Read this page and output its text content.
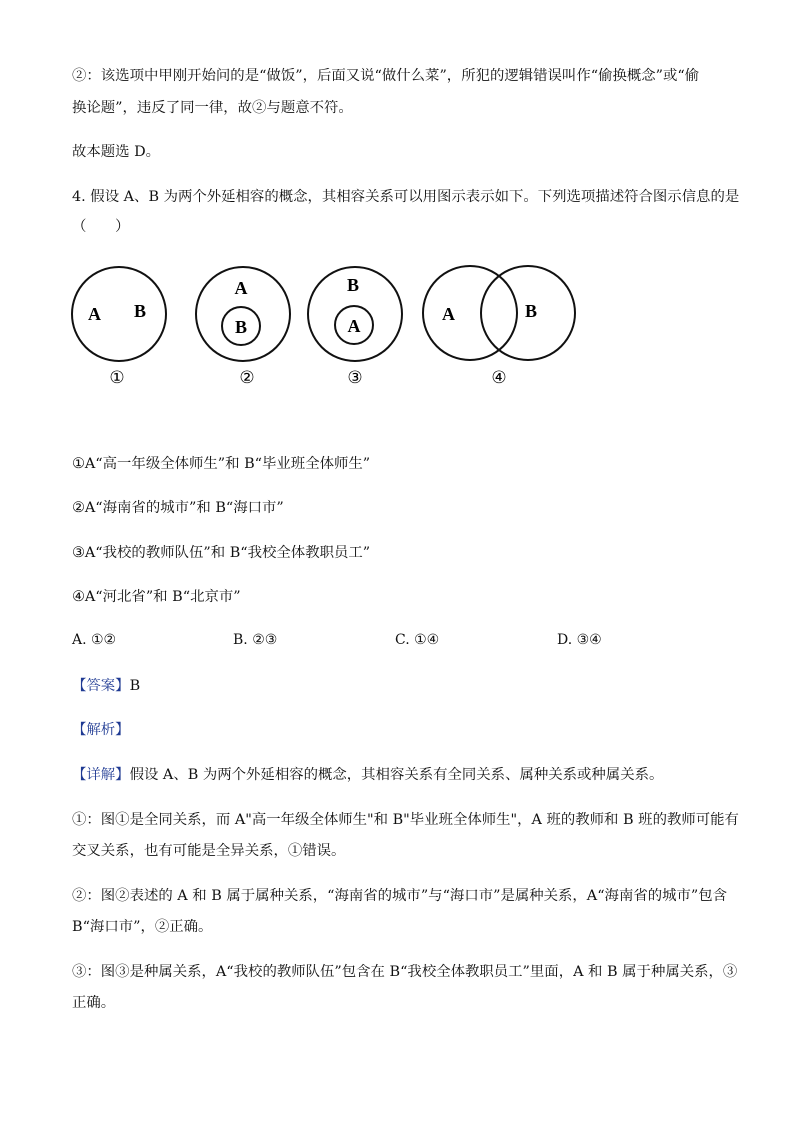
②：该选项中甲刚开始问的是“做饭”，后面又说“做什么菜”，所犯的逻辑错误叫作“偷换概念”或“偷
换论题”，违反了同一律，故②与题意不符。
故本题选 D。
4. 假设 A、B 为两个外延相容的概念，其相容关系可以用图示表示如下。下列选项描述符合图示信息的是
（　　）
A B
①
A
B
②
B
A
③
A	B
④
①A“高一年级全体师生”和 B“毕业班全体师生”
②A“海南省的城市”和 B“海口市”
③A“我校的教师队伍”和 B“我校全体教职员工”
④A“河北省”和 B“北京市”
A. ①②	B. ②③	C. ①④	D. ③④
【答案】B
【解析】
【详解】假设 A、B 为两个外延相容的概念，其相容关系有全同关系、属种关系或种属关系。
①：图①是全同关系，而 A"高一年级全体师生"和 B"毕业班全体师生"，A 班的教师和 B 班的教师可能有
交叉关系，也有可能是全异关系，①错误。
②：图②表述的 A 和 B 属于属种关系，“海南省的城市”与“海口市”是属种关系，A“海南省的城市”包含
B“海口市”，②正确。
③：图③是种属关系，A“我校的教师队伍”包含在 B“我校全体教职员工”里面，A 和 B 属于种属关系，③
正确。
